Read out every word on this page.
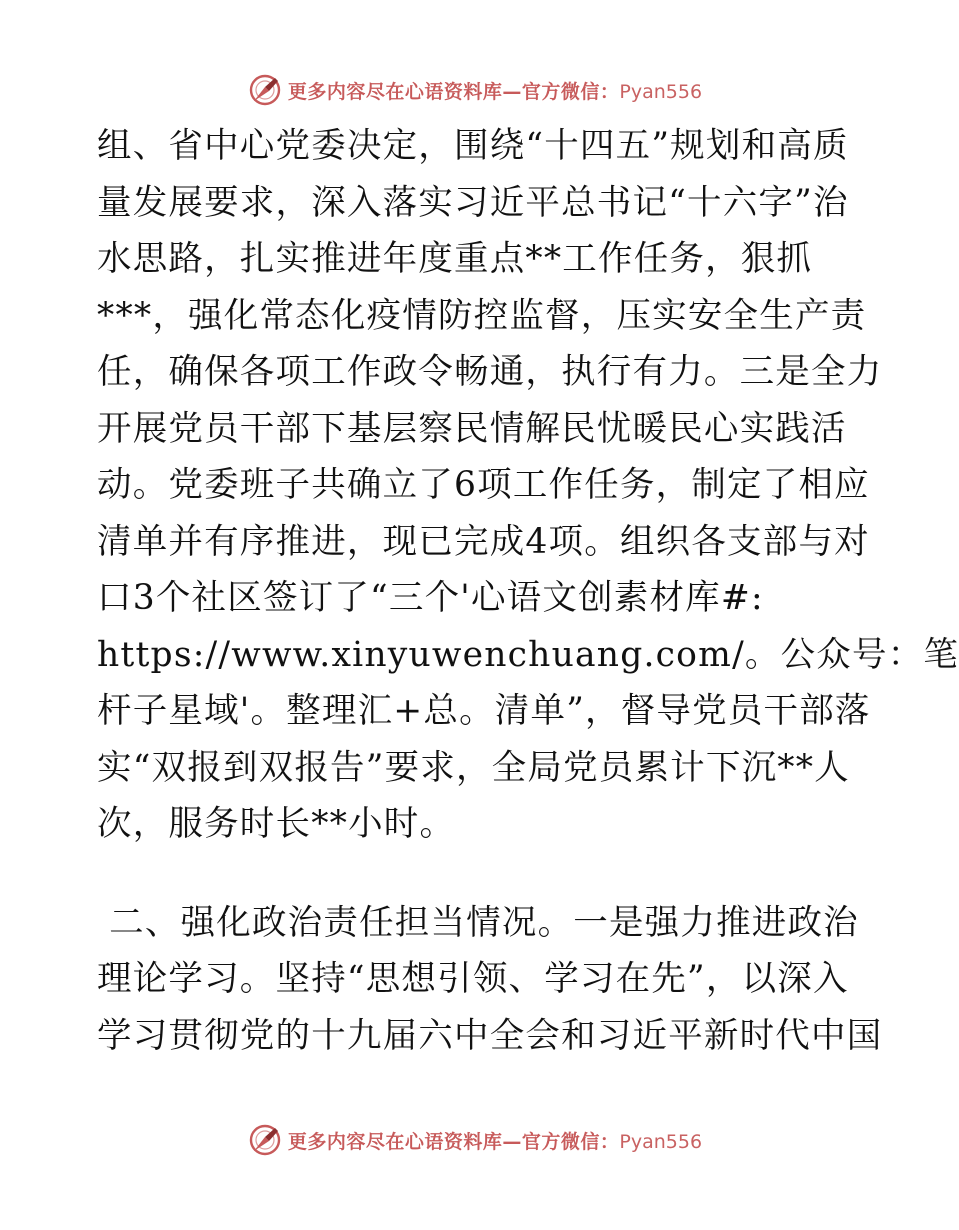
更多内容尽在心语资料库—官方微信：Pyan556
组、省中心党委决定，围绕“十四五”规划和高质
量发展要求，深入落实习近平总书记“十六字”治
水思路，扎实推进年度重点**工作任务，狠抓
***，强化常态化疫情防控监督，压实安全生产责
任，确保各项工作政令畅通，执行有力。三是全力
开展党员干部下基层察民情解民忧暖民心实践活
动。党委班子共确立了6项工作任务，制定了相应
清单并有序推进，现已完成4项。组织各支部与对
口3个社区签订了“三个'心语文创素材库#:
https://www.xinyuwenchuang.com/。公众号：笔
杆子星域'。整理汇+总。清单”，督导党员干部落
实“双报到双报告”要求，全局党员累计下沉**人
次，服务时长**小时。
二、强化政治责任担当情况。一是强力推进政治
理论学习。坚持“思想引领、学习在先”，以深入
学习贯彻党的十九届六中全会和习近平新时代中国
更多内容尽在心语资料库—官方微信：Pyan556
